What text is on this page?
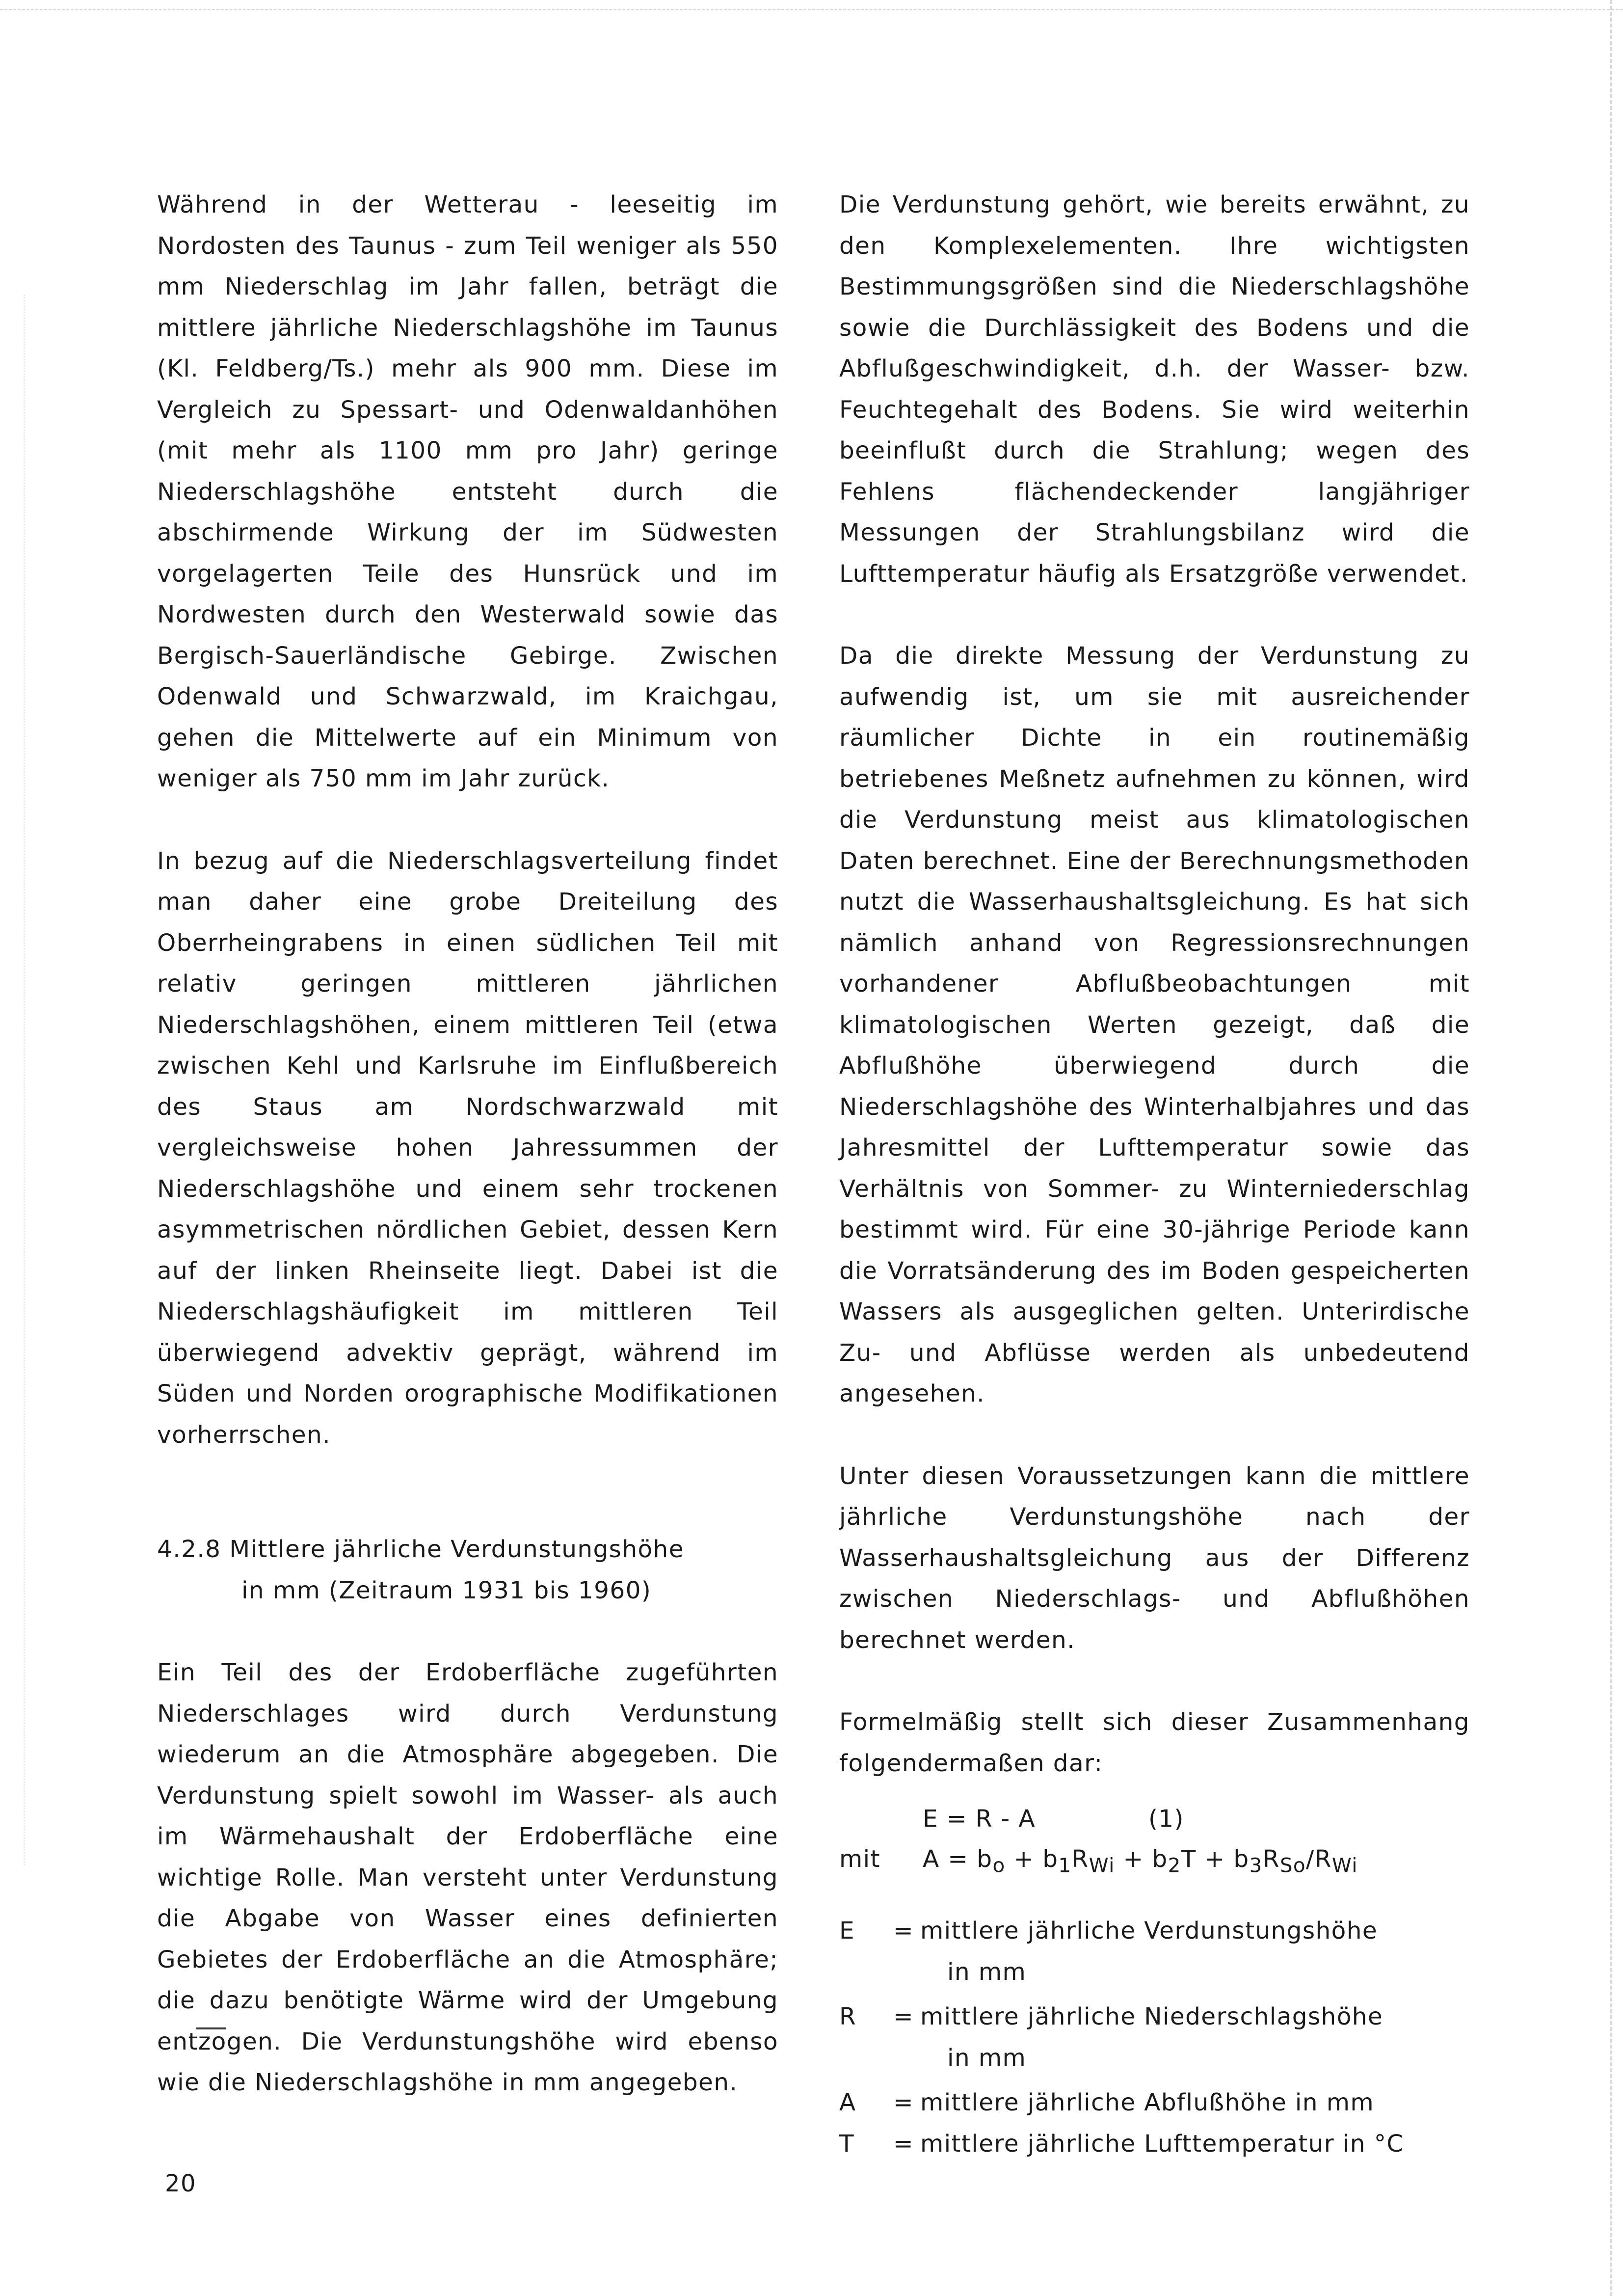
Während in der Wetterau - leeseitig im Nordosten des Taunus - zum Teil weniger als 550 mm Niederschlag im Jahr fallen, beträgt die mittlere jährliche Niederschlagshöhe im Taunus (Kl. Feldberg/Ts.) mehr als 900 mm. Diese im Vergleich zu Spessart- und Odenwaldanhöhen (mit mehr als 1100 mm pro Jahr) geringe Niederschlagshöhe entsteht durch die abschirmende Wirkung der im Südwesten vorgelagerten Teile des Hunsrück und im Nordwesten durch den Westerwald sowie das Bergisch-Sauerländische Gebirge. Zwischen Odenwald und Schwarzwald, im Kraichgau, gehen die Mittelwerte auf ein Minimum von weniger als 750 mm im Jahr zurück.

In bezug auf die Niederschlagsverteilung findet man daher eine grobe Dreiteilung des Oberrheingrabens in einen südlichen Teil mit relativ geringen mittleren jährlichen Niederschlagshöhen, einem mittleren Teil (etwa zwischen Kehl und Karlsruhe im Einflußbereich des Staus am Nordschwarzwald mit vergleichsweise hohen Jahressummen der Niederschlagshöhe und einem sehr trockenen asymmetrischen nördlichen Gebiet, dessen Kern auf der linken Rheinseite liegt. Dabei ist die Niederschlagshäufigkeit im mittleren Teil überwiegend advektiv geprägt, während im Süden und Norden orographische Modifikationen vorherrschen.

4.2.8 Mittlere jährliche Verdunstungshöhe
in mm (Zeitraum 1931 bis 1960)

Ein Teil des der Erdoberfläche zugeführten Niederschlages wird durch Verdunstung wiederum an die Atmosphäre abgegeben. Die Verdunstung spielt sowohl im Wasser- als auch im Wärmehaushalt der Erdoberfläche eine wichtige Rolle. Man versteht unter Verdunstung die Abgabe von Wasser eines definierten Gebietes der Erdoberfläche an die Atmosphäre; die dazu benötigte Wärme wird der Umgebung entzogen. Die Verdunstungshöhe wird ebenso wie die Niederschlagshöhe in mm angegeben.

Die Verdunstung gehört, wie bereits erwähnt, zu den Komplexelementen. Ihre wichtigsten Bestimmungsgrößen sind die Niederschlagshöhe sowie die Durchlässigkeit des Bodens und die Abflußgeschwindigkeit, d.h. der Wasser- bzw. Feuchtegehalt des Bodens. Sie wird weiterhin beeinflußt durch die Strahlung; wegen des Fehlens flächendeckender langjähriger Messungen der Strahlungsbilanz wird die Lufttemperatur häufig als Ersatzgröße verwendet.

Da die direkte Messung der Verdunstung zu aufwendig ist, um sie mit ausreichender räumlicher Dichte in ein routinemäßig betriebenes Meßnetz aufnehmen zu können, wird die Verdunstung meist aus klimatologischen Daten berechnet. Eine der Berechnungsmethoden nutzt die Wasserhaushaltsgleichung. Es hat sich nämlich anhand von Regressionsrechnungen vorhandener Abflußbeobachtungen mit klimatologischen Werten gezeigt, daß die Abflußhöhe überwiegend durch die Niederschlagshöhe des Winterhalbjahres und das Jahresmittel der Lufttemperatur sowie das Verhältnis von Sommer- zu Winterniederschlag bestimmt wird. Für eine 30-jährige Periode kann die Vorratsänderung des im Boden gespeicherten Wassers als ausgeglichen gelten. Unterirdische Zu- und Abflüsse werden als unbedeutend angesehen.

Unter diesen Voraussetzungen kann die mittlere jährliche Verdunstungshöhe nach der Wasserhaushaltsgleichung aus der Differenz zwischen Niederschlags- und Abflußhöhen berechnet werden.

Formelmäßig stellt sich dieser Zusammenhang folgendermaßen dar:

E = R - A	(1)
mit	$A = b_o + b_1R_{Wi} + b_2T + b_3R_{So}/R_{Wi}$
E	= mittlere jährliche Verdunstungshöhe
in mm
R	= mittlere jährliche Niederschlagshöhe
in mm
A	= mittlere jährliche Abflußhöhe in mm
T	= mittlere jährliche Lufttemperatur in °C
20
